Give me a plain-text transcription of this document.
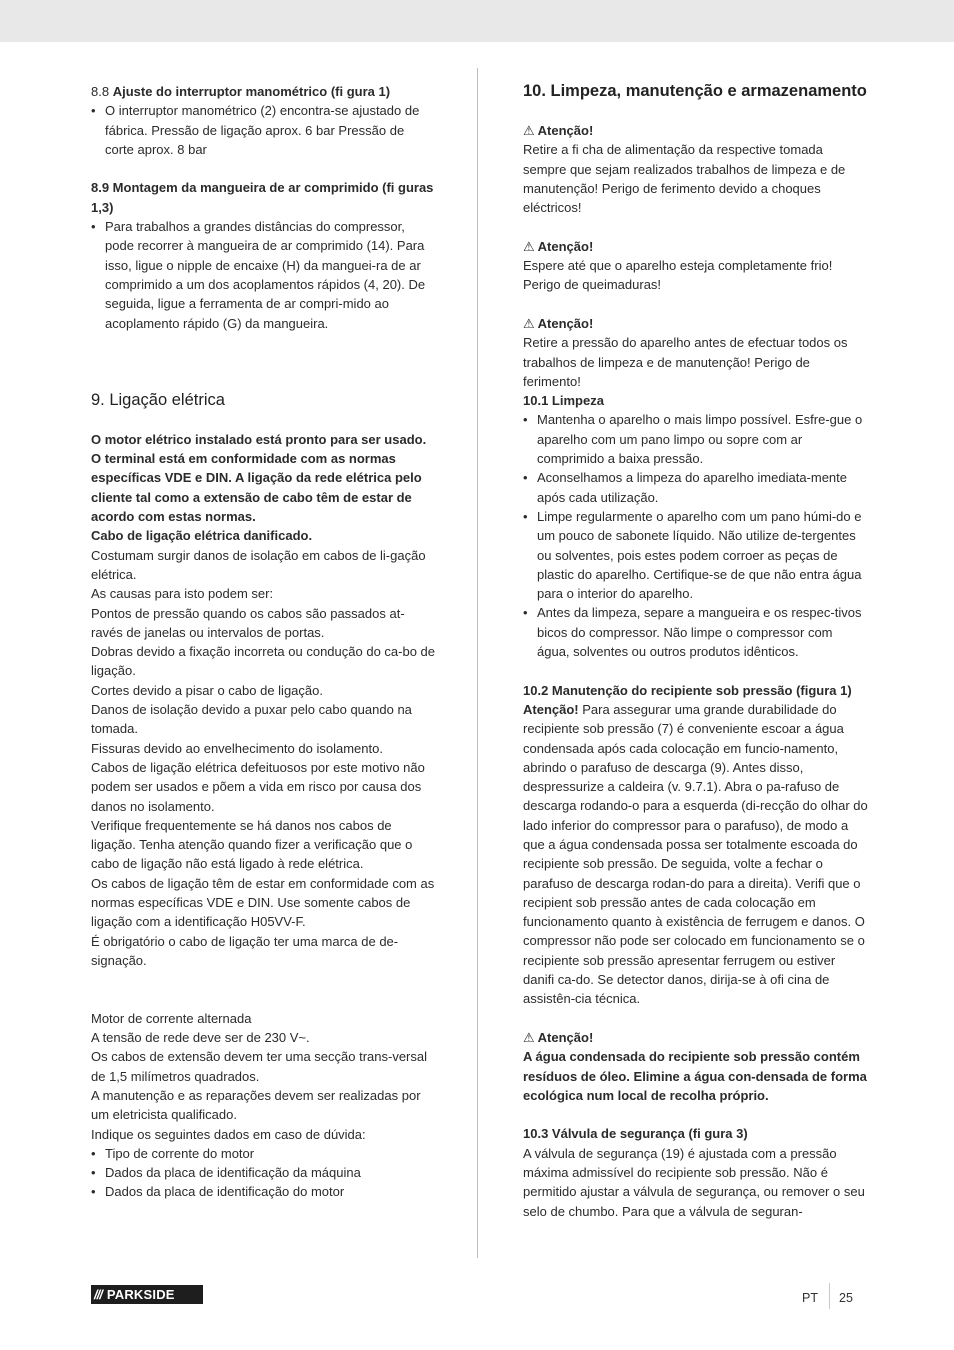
8.8 Ajuste do interruptor manométrico (fi gura 1)

• O interruptor manométrico (2) encontra-se ajustado de fábrica. Pressão de ligação aprox. 6 bar Pressão de corte aprox. 8 bar

8.9 Montagem da mangueira de ar comprimido (fi guras 1,3)

• Para trabalhos a grandes distâncias do compressor, pode recorrer à mangueira de ar comprimido (14). Para isso, ligue o nipple de encaixe (H) da manguei-ra de ar comprimido a um dos acoplamentos rápidos (4, 20). De seguida, ligue a ferramenta de ar compri-mido ao acoplamento rápido (G) da mangueira.

9. Ligação elétrica

O motor elétrico instalado está pronto para ser usado. O terminal está em conformidade com as normas específicas VDE e DIN. A ligação da rede elétrica pelo cliente tal como a extensão de cabo têm de estar de acordo com estas normas.

Cabo de ligação elétrica danificado.

Costumam surgir danos de isolação em cabos de li-gação elétrica.

As causas para isto podem ser:

Pontos de pressão quando os cabos são passados at-ravés de janelas ou intervalos de portas.

Dobras devido a fixação incorreta ou condução do ca-bo de ligação.

Cortes devido a pisar o cabo de ligação.

Danos de isolação devido a puxar pelo cabo quando na tomada.

Fissuras devido ao envelhecimento do isolamento.

Cabos de ligação elétrica defeituosos por este motivo não podem ser usados e põem a vida em risco por causa dos danos no isolamento.

Verifique frequentemente se há danos nos cabos de ligação. Tenha atenção quando fizer a verificação que o cabo de ligação não está ligado à rede elétrica.

Os cabos de ligação têm de estar em conformidade com as normas específicas VDE e DIN. Use somente cabos de ligação com a identificação H05VV-F.

É obrigatório o cabo de ligação ter uma marca de de-signação.

Motor de corrente alternada

A tensão de rede deve ser de 230 V~.

Os cabos de extensão devem ter uma secção trans-versal de 1,5 milímetros quadrados.

A manutenção e as reparações devem ser realizadas por um eletricista qualificado.

Indique os seguintes dados em caso de dúvida:

• Tipo de corrente do motor
• Dados da placa de identificação da máquina
• Dados da placa de identificação do motor

10. Limpeza, manutenção e armazenamento

⚠ Atenção!

Retire a fi cha de alimentação da respective tomada sempre que sejam realizados trabalhos de limpeza e de manutenção! Perigo de ferimento devido a choques eléctricos!

⚠ Atenção!

Espere até que o aparelho esteja completamente frio! Perigo de queimaduras!

⚠ Atenção!

Retire a pressão do aparelho antes de efectuar todos os trabalhos de limpeza e de manutenção! Perigo de ferimento!

10.1 Limpeza

• Mantenha o aparelho o mais limpo possível. Esfre-gue o aparelho com um pano limpo ou sopre com ar comprimido a baixa pressão.
• Aconselhamos a limpeza do aparelho imediata-mente após cada utilização.
• Limpe regularmente o aparelho com um pano húmi-do e um pouco de sabonete líquido. Não utilize de-tergentes ou solventes, pois estes podem corroer as peças de plastic do aparelho. Certifique-se de que não entra água para o interior do aparelho.
• Antes da limpeza, separe a mangueira e os respec-tivos bicos do compressor. Não limpe o compressor com água, solventes ou outros produtos idênticos.

10.2 Manutenção do recipiente sob pressão (figura 1)

Atenção! Para assegurar uma grande durabilidade do recipiente sob pressão (7) é conveniente escoar a água condensada após cada colocação em funcio-namento, abrindo o parafuso de descarga (9). Antes disso, despressurize a caldeira (v. 9.7.1). Abra o pa-rafuso de descarga rodando-o para a esquerda (di-recção do olhar do lado inferior do compressor para o parafuso), de modo a que a água condensada possa ser totalmente escoada do recipiente sob pressão. De seguida, volte a fechar o parafuso de descarga rodan-do para a direita). Verifi que o recipient sob pressão antes de cada colocação em funcionamento quanto à existência de ferrugem e danos. O compressor não pode ser colocado em funcionamento se o recipiente sob pressão apresentar ferrugem ou estiver danifi ca-do. Se detector danos, dirija-se à ofi cina de assistên-cia técnica.

⚠ Atenção!

A água condensada do recipiente sob pressão contém resíduos de óleo. Elimine a água con-densada de forma ecológica num local de recolha próprio.

10.3 Válvula de segurança (fi gura 3)

A válvula de segurança (19) é ajustada com a pressão máxima admissível do recipiente sob pressão. Não é permitido ajustar a válvula de segurança, ou remover o seu selo de chumbo. Para que a válvula de seguran-

/// PARKSIDE	PT 25
